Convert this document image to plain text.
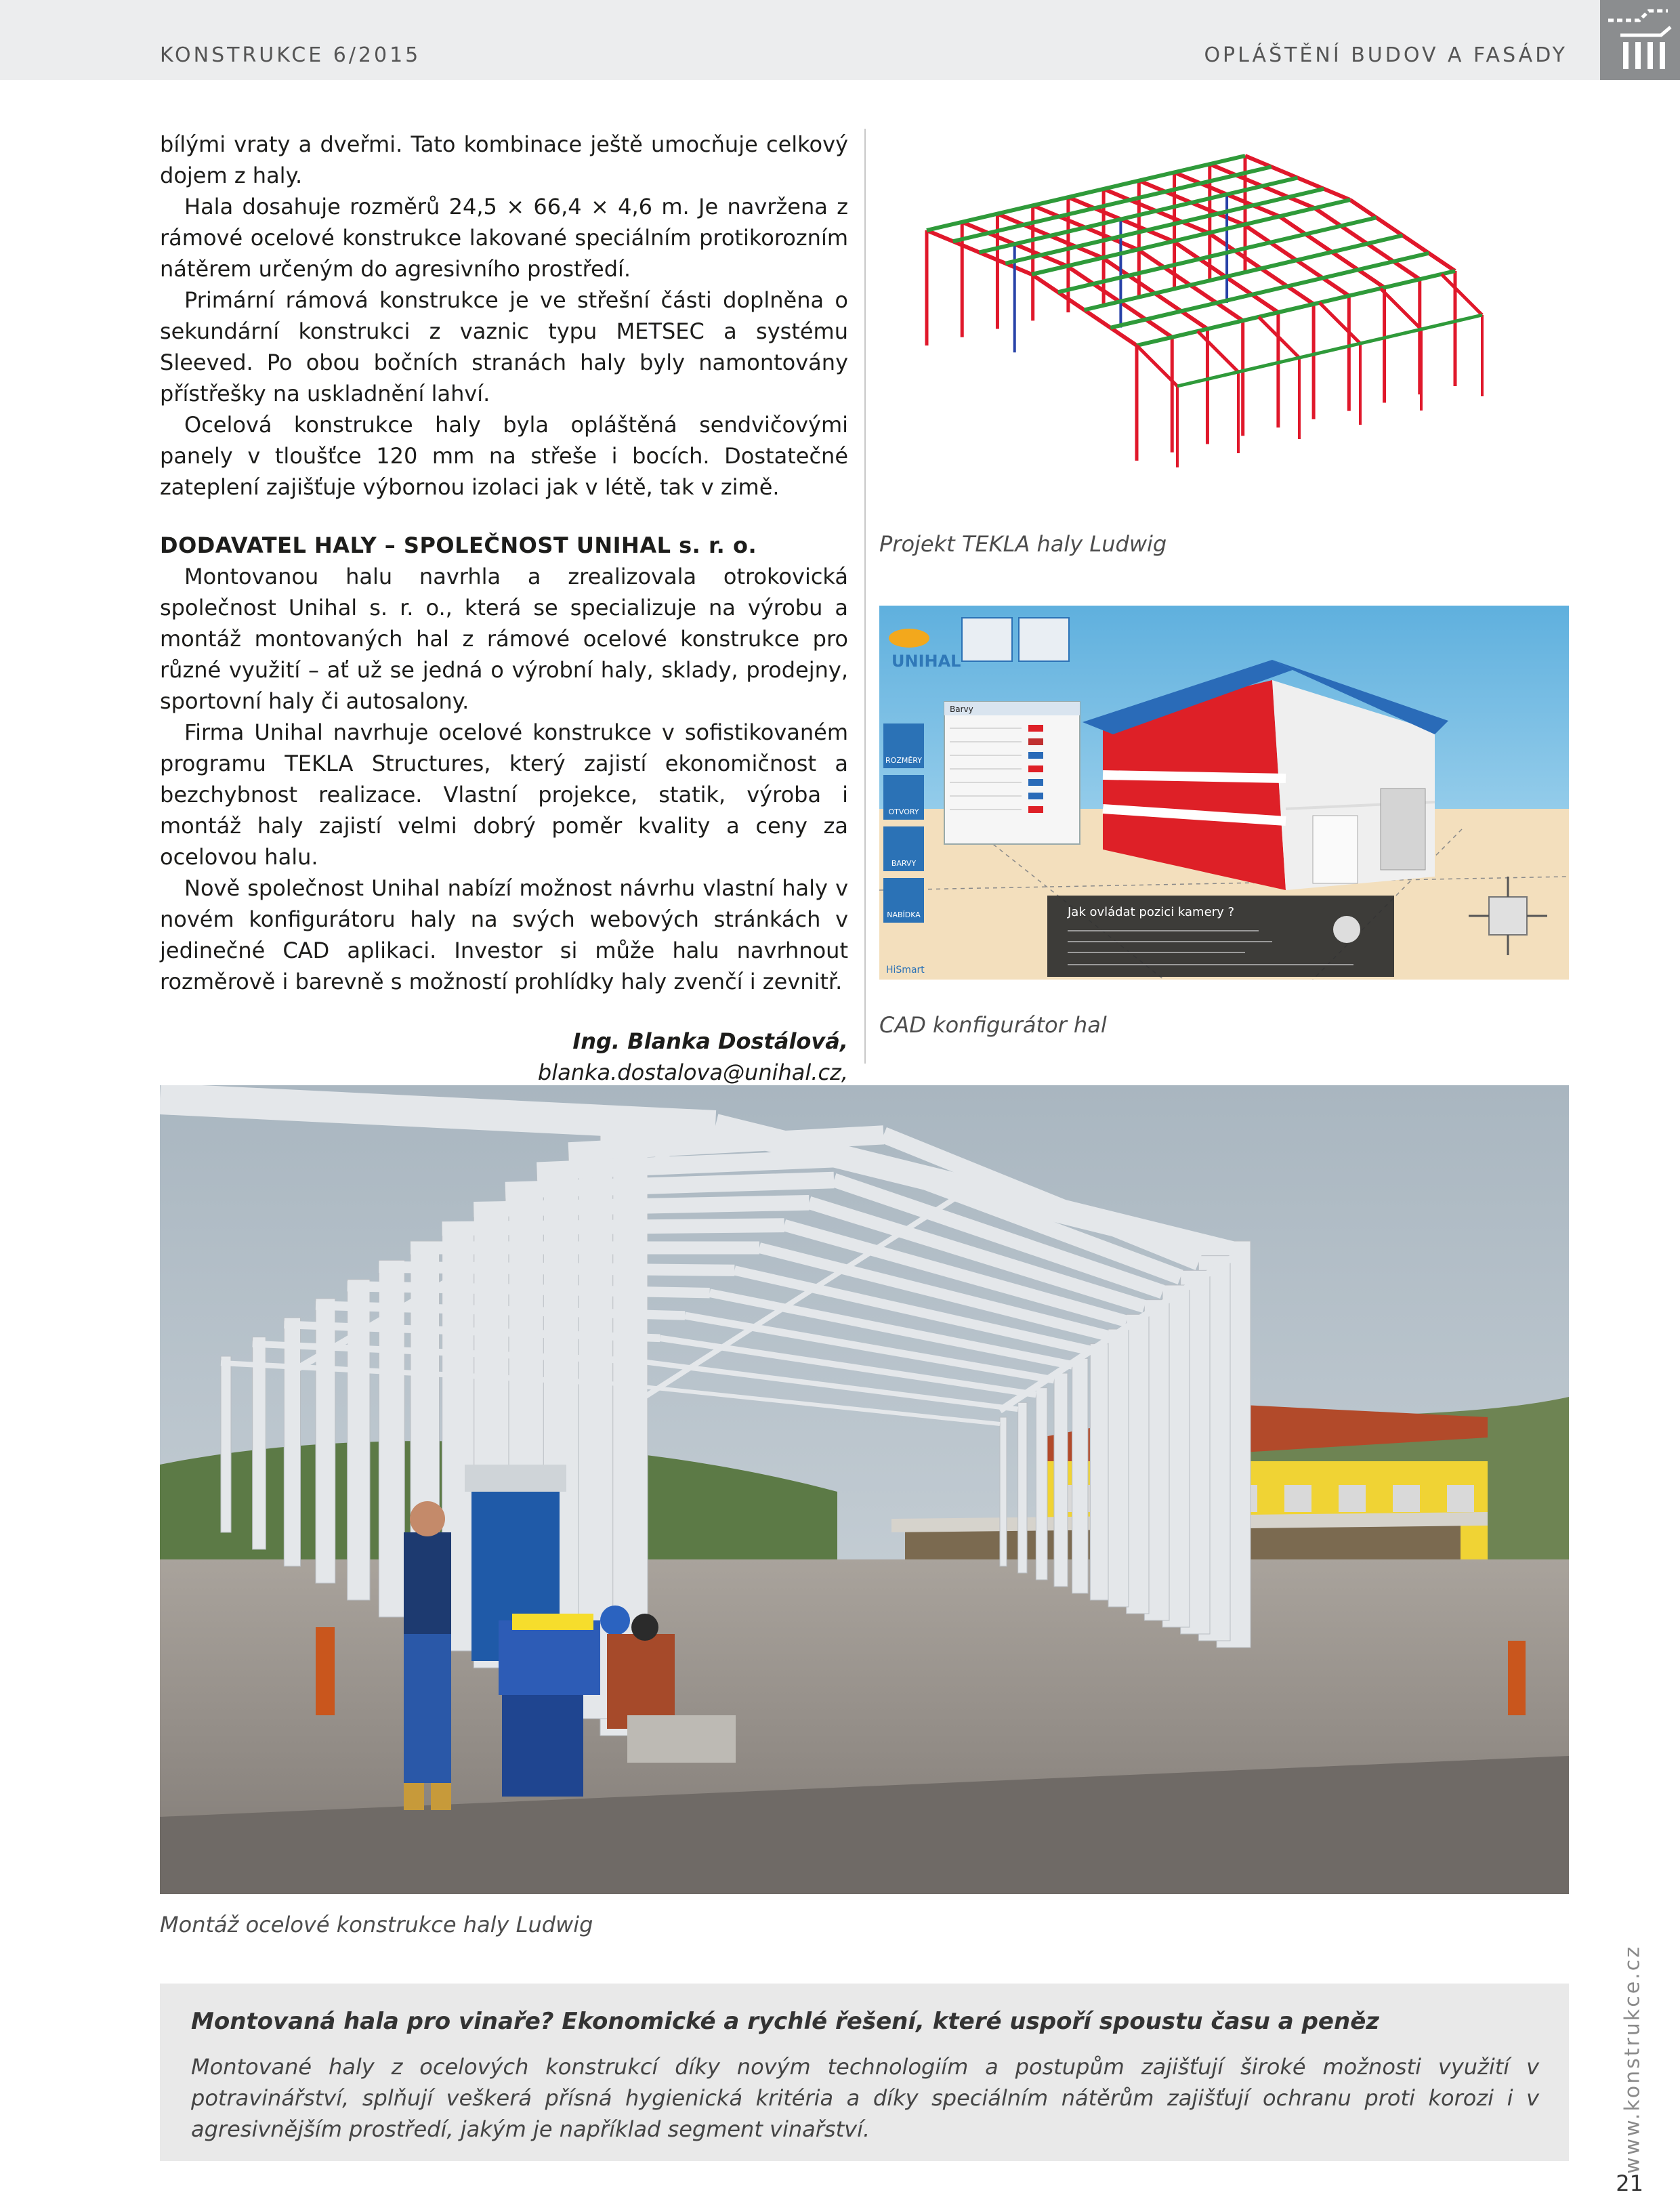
KONSTRUKCE 6/2015	OPLÁŠTĚNÍ BUDOV A FASÁDY

bílými vraty a dveřmi. Tato kombinace ještě umocňuje celkový dojem z haly.

Hala dosahuje rozměrů 24,5 × 66,4 × 4,6 m. Je navržena z rámové ocelové konstrukce lakované speciálním protikorozním nátěrem určeným do agresivního prostředí.

Primární rámová konstrukce je ve střešní části doplněna o sekundární konstrukci z vaznic typu METSEC a systému Sleeved. Po obou bočních stranách haly byly namontovány přístřešky na uskladnění lahví.

Ocelová konstrukce haly byla opláštěná sendvičovými panely v tloušťce 120 mm na střeše i bocích. Dostatečné zateplení zajišťuje výbornou izolaci jak v létě, tak v zimě.

DODAVATEL HALY – SPOLEČNOST UNIHAL s. r. o.

Montovanou halu navrhla a zrealizovala otrokovická společnost Unihal s. r. o., která se specializuje na výrobu a montáž montovaných hal z rámové ocelové konstrukce pro různé využití – ať už se jedná o výrobní haly, sklady, prodejny, sportovní haly či autosalony.

Firma Unihal navrhuje ocelové konstrukce v sofistikovaném programu TEKLA Structures, který zajistí ekonomičnost a bezchybnost realizace. Vlastní projekce, statik, výroba i montáž haly zajistí velmi dobrý poměr kvality a ceny za ocelovou halu.

Nově společnost Unihal nabízí možnost návrhu vlastní haly v novém konfigurátoru haly na svých webových stránkách v jedinečné CAD aplikaci. Investor si může halu navrhnout rozměrově i barevně s možností prohlídky haly zvenčí i zevnitř.

Ing. Blanka Dostálová,
blanka.dostalova@unihal.cz,
Projekt TEKLA haly Ludwig
ROZMĚRY
OTVORY
BARVY
NABÍDKA
UNIHAL
Barvy
Jak ovládat pozici kamery ?
HiSmart
CAD konfigurátor hal
Montáž ocelové konstrukce haly Ludwig
Montovaná hala pro vinaře? Ekonomické a rychlé řešení, které uspoří spoustu času a peněz
Montované haly z ocelových konstrukcí díky novým technologiím a postupům zajišťují široké možnosti využití v potravinářství, splňují veškerá přísná hygienická kritéria a díky speciálním nátěrům zajišťují ochranu proti korozi i v agresivnějším prostředí, jakým je například segment vinařství.	www.konstrukce.cz
21
